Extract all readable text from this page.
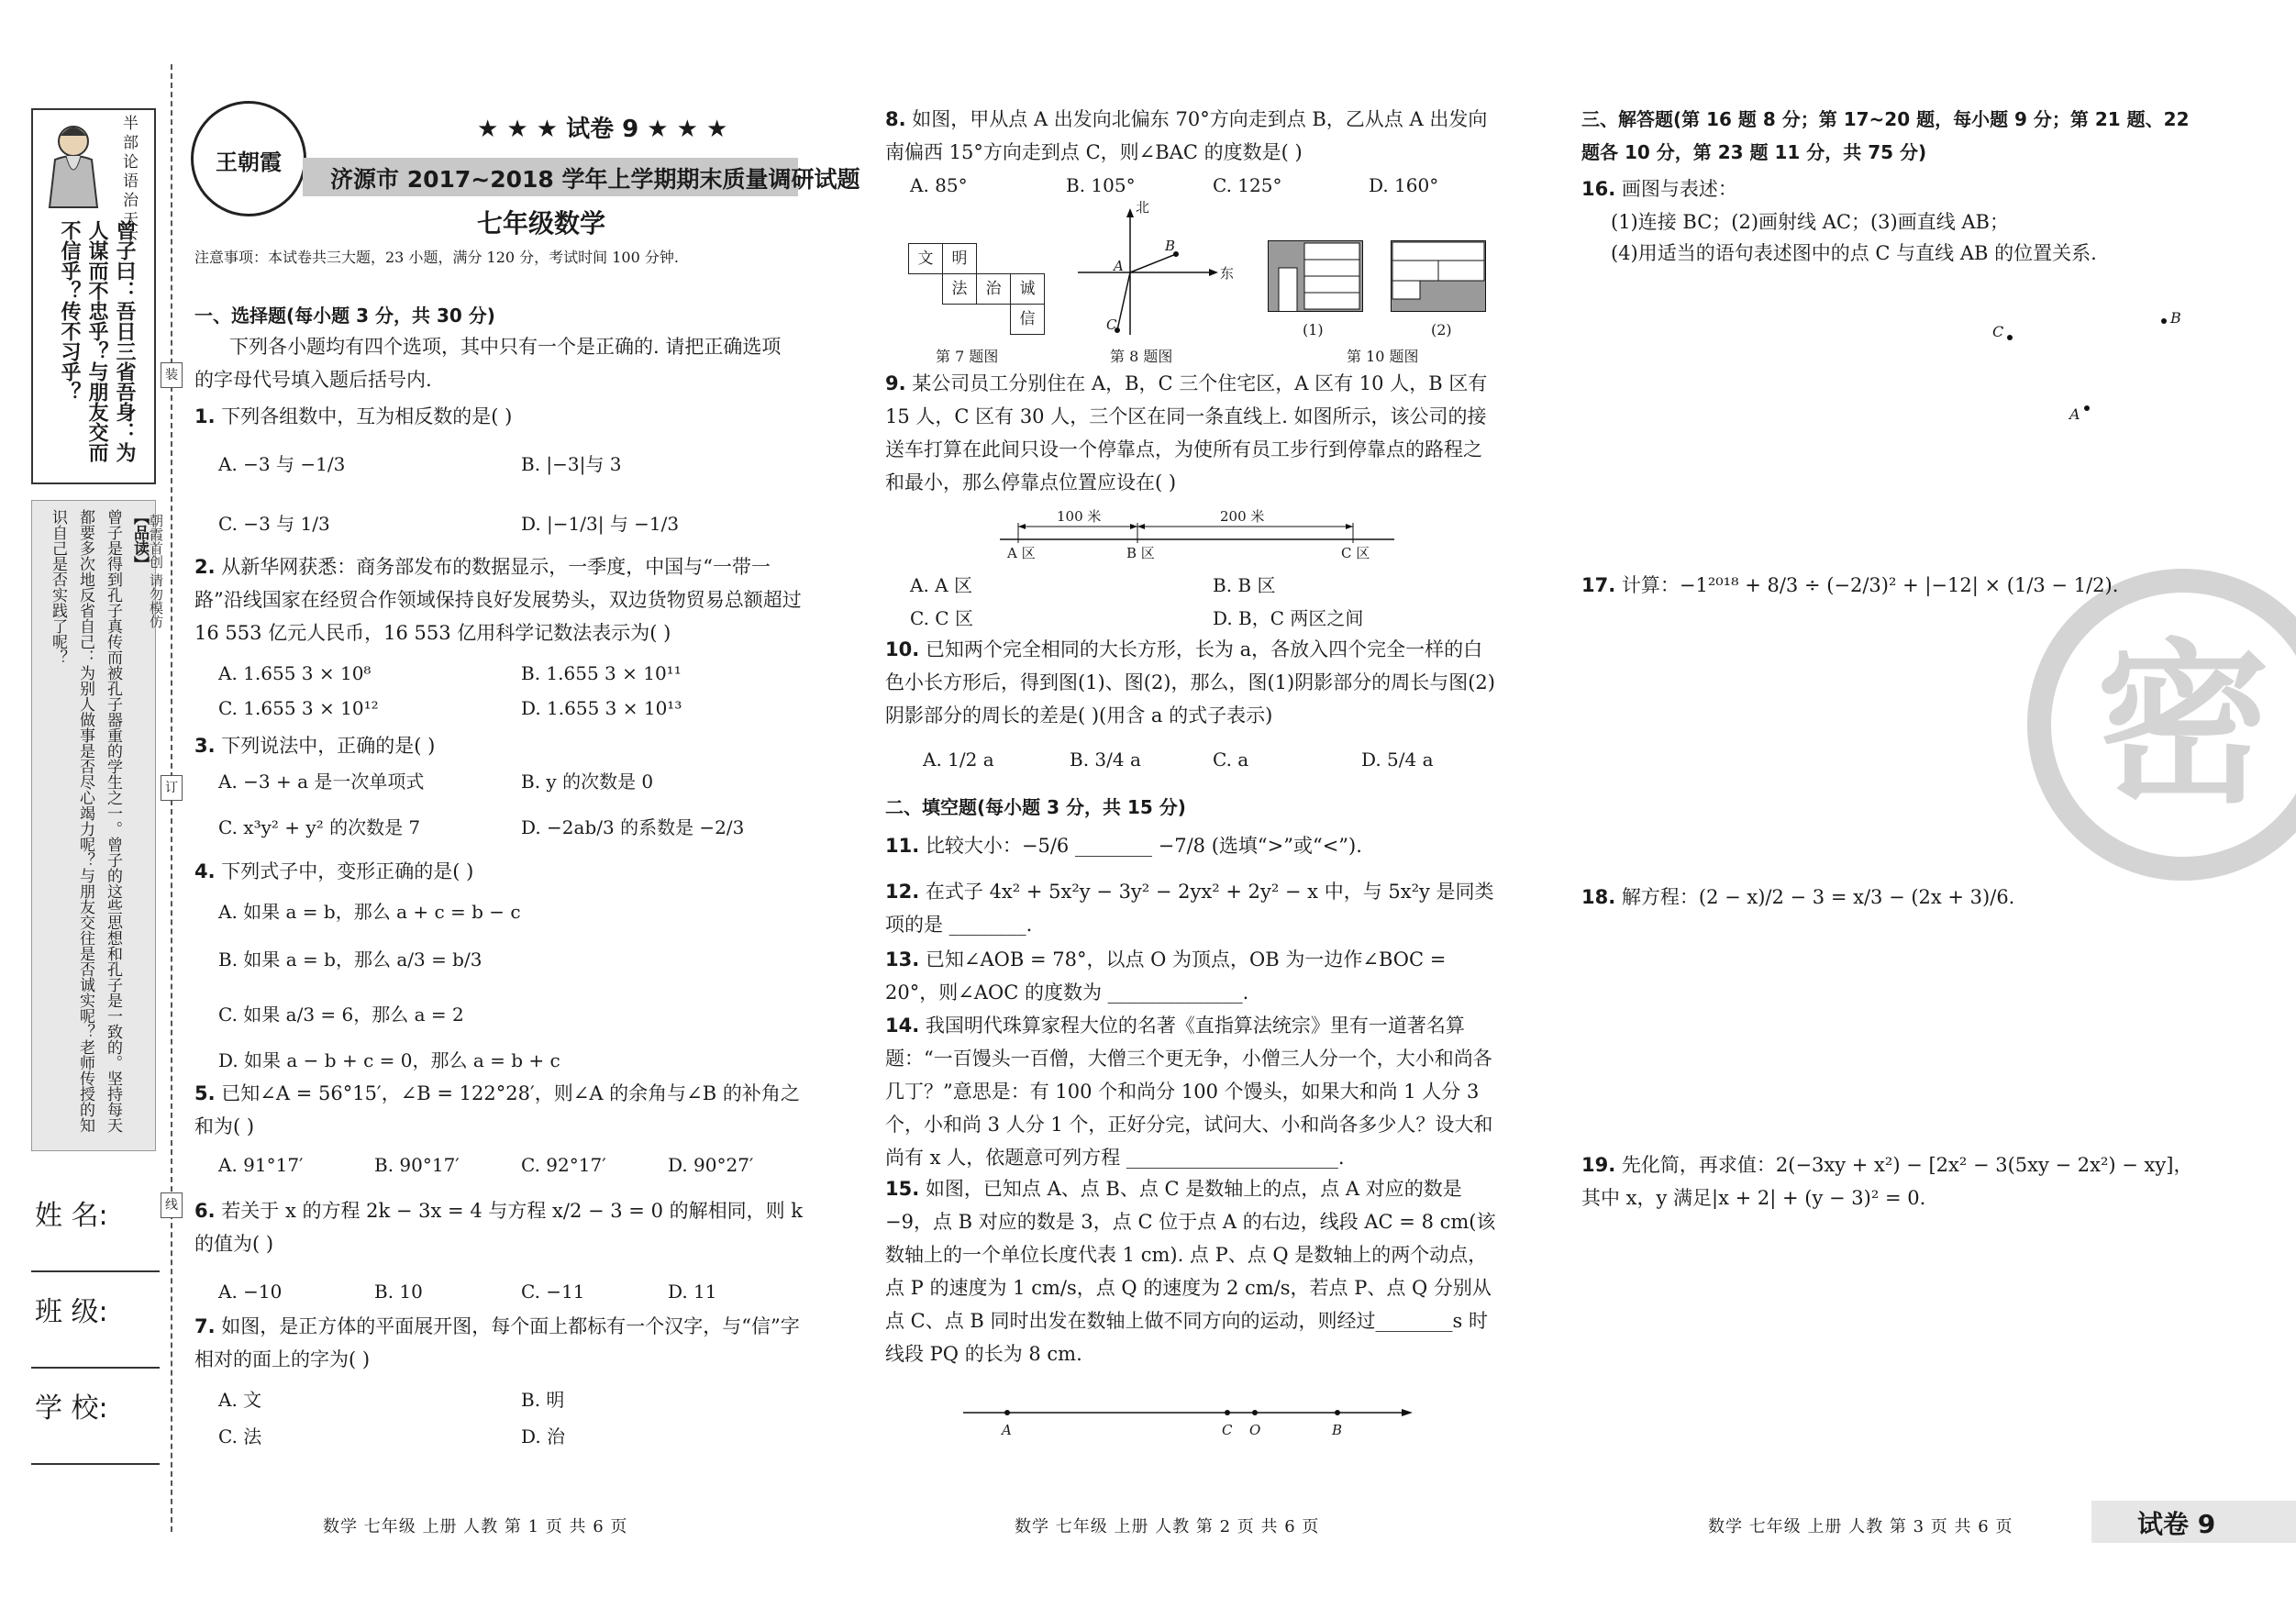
半部论语治天下
曾子曰：吾日三省吾身：为人谋而不忠乎？与朋友交而不信乎？传不习乎？
【品读】
曾子是得到孔子真传而被孔子器重的学生之一。曾子的这些思想和孔子是一致的。坚持每天都要多次地反省自己：为别人做事是否尽心竭力呢？与朋友交往是否诚实呢？老师传授的知识自己是否实践了呢？	朝霞首创 请勿模仿
装
订
线
姓 名:
班 级:
学 校:
王朝霞
★ ★ ★ 试卷 9 ★ ★ ★
济源市 2017~2018 学年上学期期末质量调研试题
七年级数学
注意事项：本试卷共三大题，23 小题，满分 120 分，考试时间 100 分钟.
一、选择题(每小题 3 分，共 30 分)
下列各小题均有四个选项，其中只有一个是正确的. 请把正确选项的字母代号填入题后括号内.
1. 下列各组数中，互为相反数的是( )
A. −3 与 −1/3	B. |−3|与 3
C. −3 与 1/3	D. |−1/3| 与 −1/3
2. 从新华网获悉：商务部发布的数据显示，一季度，中国与“一带一路”沿线国家在经贸合作领域保持良好发展势头，双边货物贸易总额超过 16 553 亿元人民币，16 553 亿用科学记数法表示为( )
A. 1.655 3 × 10⁸	B. 1.655 3 × 10¹¹
C. 1.655 3 × 10¹²	D. 1.655 3 × 10¹³
3. 下列说法中，正确的是( )
A. −3 + a 是一次单项式	B. y 的次数是 0
C. x³y² + y² 的次数是 7	D. −2ab/3 的系数是 −2/3
4. 下列式子中，变形正确的是( )
A. 如果 a = b，那么 a + c = b − c
B. 如果 a = b，那么 a/3 = b/3
C. 如果 a/3 = 6，那么 a = 2
D. 如果 a − b + c = 0，那么 a = b + c
5. 已知∠A = 56°15′，∠B = 122°28′，则∠A 的余角与∠B 的补角之和为( )
A. 91°17′	B. 90°17′	C. 92°17′	D. 90°27′
6. 若关于 x 的方程 2k − 3x = 4 与方程 x/2 − 3 = 0 的解相同，则 k 的值为( )
A. −10	B. 10	C. −11	D. 11
7. 如图，是正方体的平面展开图，每个面上都标有一个汉字，与“信”字相对的面上的字为( )
A. 文	B. 明
C. 法	D. 治
数学 七年级 上册 人教 第 1 页 共 6 页
8. 如图，甲从点 A 出发向北偏东 70°方向走到点 B，乙从点 A 出发向南偏西 15°方向走到点 C，则∠BAC 的度数是( )
A. 85°	B. 105°	C. 125°	D. 160°
文	明
法	治	诚
信
第 7 题图
北
东
A
B
C
第 8 题图
(1)	(2)
第 10 题图
9. 某公司员工分别住在 A，B，C 三个住宅区，A 区有 10 人，B 区有 15 人，C 区有 30 人，三个区在同一条直线上. 如图所示，该公司的接送车打算在此间只设一个停靠点，为使所有员工步行到停靠点的路程之和最小，那么停靠点位置应设在( )
100 米	200 米
A 区	B 区	C 区
A. A 区	B. B 区
C. C 区	D. B，C 两区之间
10. 已知两个完全相同的大长方形，长为 a，各放入四个完全一样的白色小长方形后，得到图(1)、图(2)，那么，图(1)阴影部分的周长与图(2)阴影部分的周长的差是( )(用含 a 的式子表示)
A. 1/2 a	B. 3/4 a	C. a	D. 5/4 a
二、填空题(每小题 3 分，共 15 分)
11. 比较大小：−5/6 ________ −7/8 (选填“>”或“<”).
12. 在式子 4x² + 5x²y − 3y² − 2yx² + 2y² − x 中，与 5x²y 是同类项的是 ________.
13. 已知∠AOB = 78°，以点 O 为顶点，OB 为一边作∠BOC = 20°，则∠AOC 的度数为 ______________.
14. 我国明代珠算家程大位的名著《直指算法统宗》里有一道著名算题：“一百馒头一百僧，大僧三个更无争，小僧三人分一个，大小和尚各几丁？”意思是：有 100 个和尚分 100 个馒头，如果大和尚 1 人分 3 个，小和尚 3 人分 1 个，正好分完，试问大、小和尚各多少人？设大和尚有 x 人，依题意可列方程 ______________________.
15. 如图，已知点 A、点 B、点 C 是数轴上的点，点 A 对应的数是 −9，点 B 对应的数是 3，点 C 位于点 A 的右边，线段 AC = 8 cm(该数轴上的一个单位长度代表 1 cm). 点 P、点 Q 是数轴上的两个动点，点 P 的速度为 1 cm/s，点 Q 的速度为 2 cm/s，若点 P、点 Q 分别从点 C、点 B 同时出发在数轴上做不同方向的运动，则经过________s 时线段 PQ 的长为 8 cm.
A	C O	B
数学 七年级 上册 人教 第 2 页 共 6 页
密
三、解答题(第 16 题 8 分；第 17~20 题，每小题 9 分；第 21 题、22 题各 10 分，第 23 题 11 分，共 75 分)
16. 画图与表述：
(1)连接 BC；(2)画射线 AC；(3)画直线 AB；
(4)用适当的语句表述图中的点 C 与直线 AB 的位置关系.
C
B
A
17. 计算：−1²⁰¹⁸ + 8/3 ÷ (−2/3)² + |−12| × (1/3 − 1/2).
18. 解方程：(2 − x)/2 − 3 = x/3 − (2x + 3)/6.
19. 先化简，再求值：2(−3xy + x²) − [2x² − 3(5xy − 2x²) − xy]，其中 x，y 满足|x + 2| + (y − 3)² = 0.
数学 七年级 上册 人教 第 3 页 共 6 页	试卷 9
